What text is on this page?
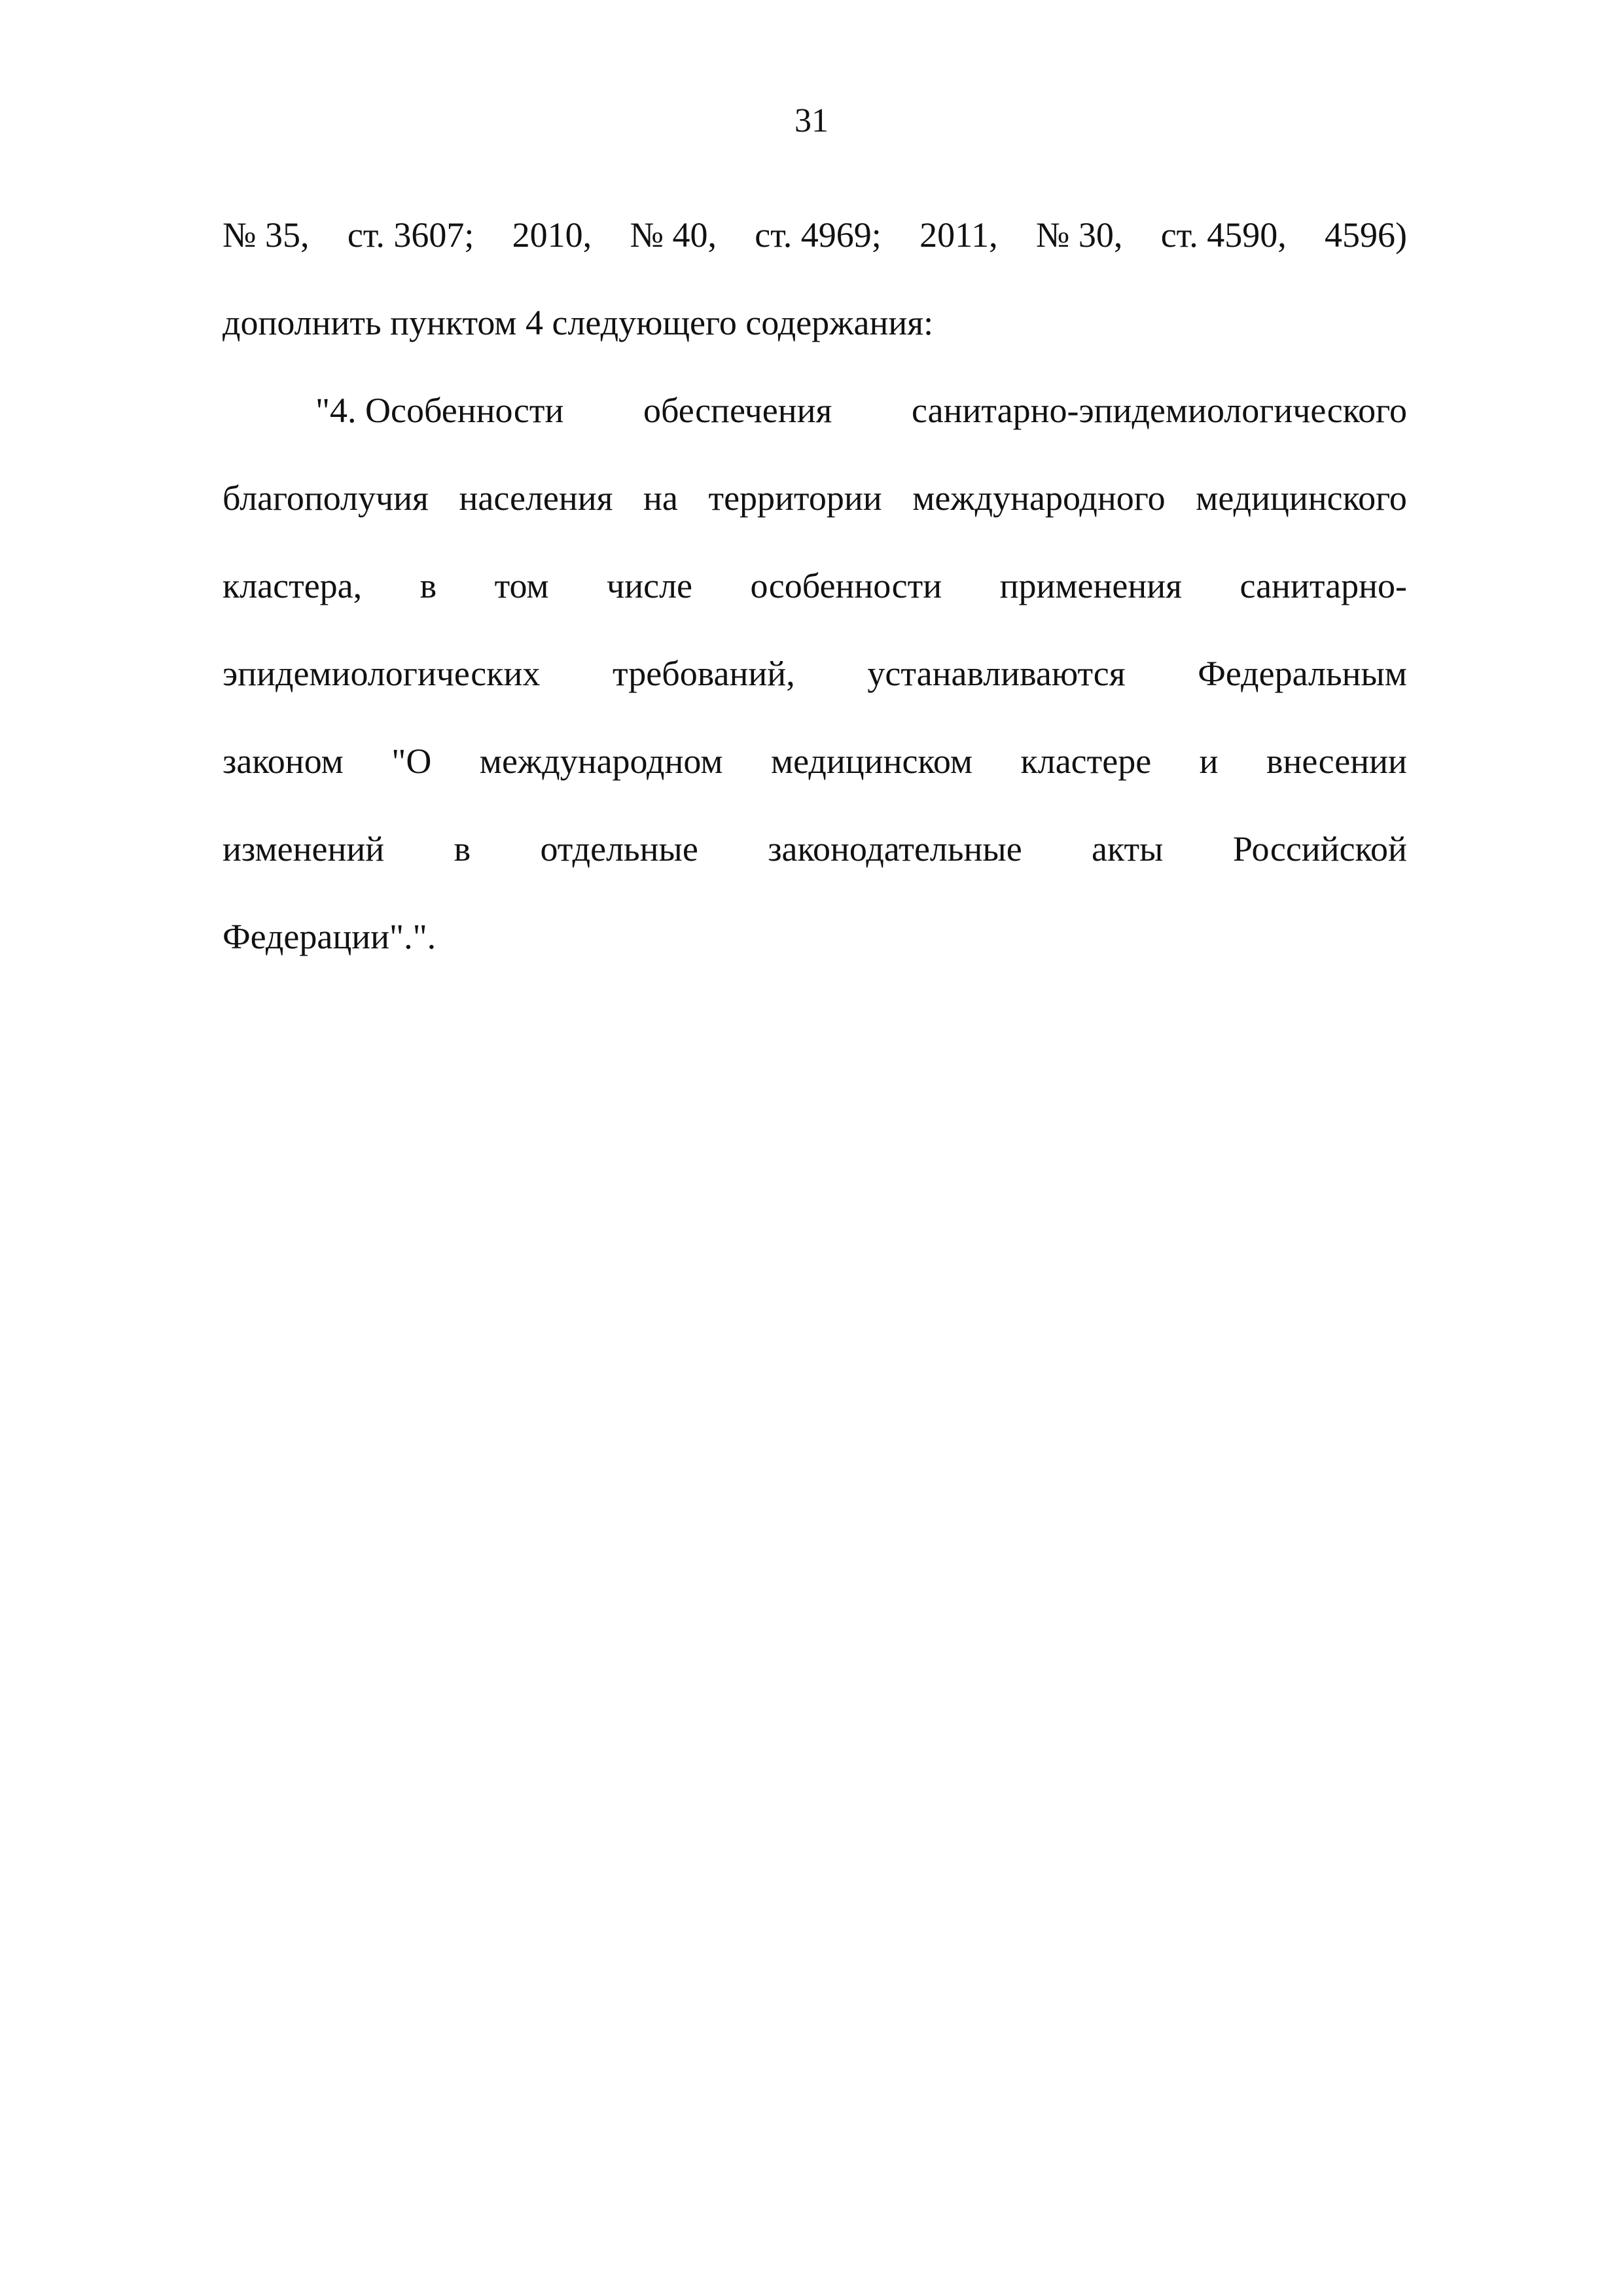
31
№ 35, ст. 3607; 2010, № 40, ст. 4969; 2011, № 30, ст. 4590, 4596)
дополнить пунктом 4 следующего содержания:
"4. Особенности обеспечения санитарно-эпидемиологического
благополучия населения на территории международного медицинского
кластера, в том числе особенности применения санитарно-
эпидемиологических требований, устанавливаются Федеральным
законом "О международном медицинском кластере и внесении
изменений в отдельные законодательные акты Российской
Федерации".".
